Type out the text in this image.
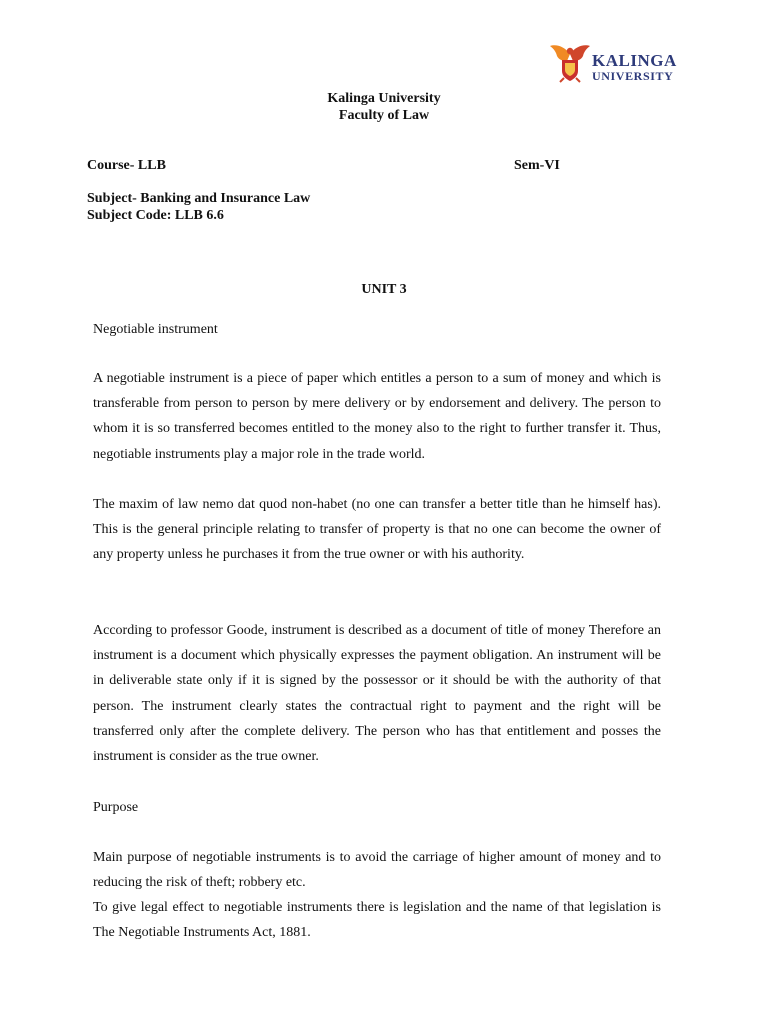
KALINGA
UNIVERSITY
Kalinga University
Faculty of Law
Course- LLB	Sem-VI
Subject- Banking and Insurance Law
Subject Code: LLB 6.6
UNIT 3
Negotiable instrument

A negotiable instrument is a piece of paper which entitles a person to a sum of money and which is transferable from person to person by mere delivery or by endorsement and delivery. The person to whom it is so transferred becomes entitled to the money also to the right to further transfer it. Thus, negotiable instruments play a major role in the trade world.

The maxim of law nemo dat quod non-habet (no one can transfer a better title than he himself has). This is the general principle relating to transfer of property is that no one can become the owner of any property unless he purchases it from the true owner or with his authority.

According to professor Goode, instrument is described as a document of title of money Therefore an instrument is a document which physically expresses the payment obligation. An instrument will be in deliverable state only if it is signed by the possessor or it should be with the authority of that person. The instrument clearly states the contractual right to payment and the right will be transferred only after the complete delivery. The person who has that entitlement and posses the instrument is consider as the true owner.

Purpose

Main purpose of negotiable instruments is to avoid the carriage of higher amount of money and to reducing the risk of theft; robbery etc.

To give legal effect to negotiable instruments there is legislation and the name of that legislation is The Negotiable Instruments Act, 1881.
